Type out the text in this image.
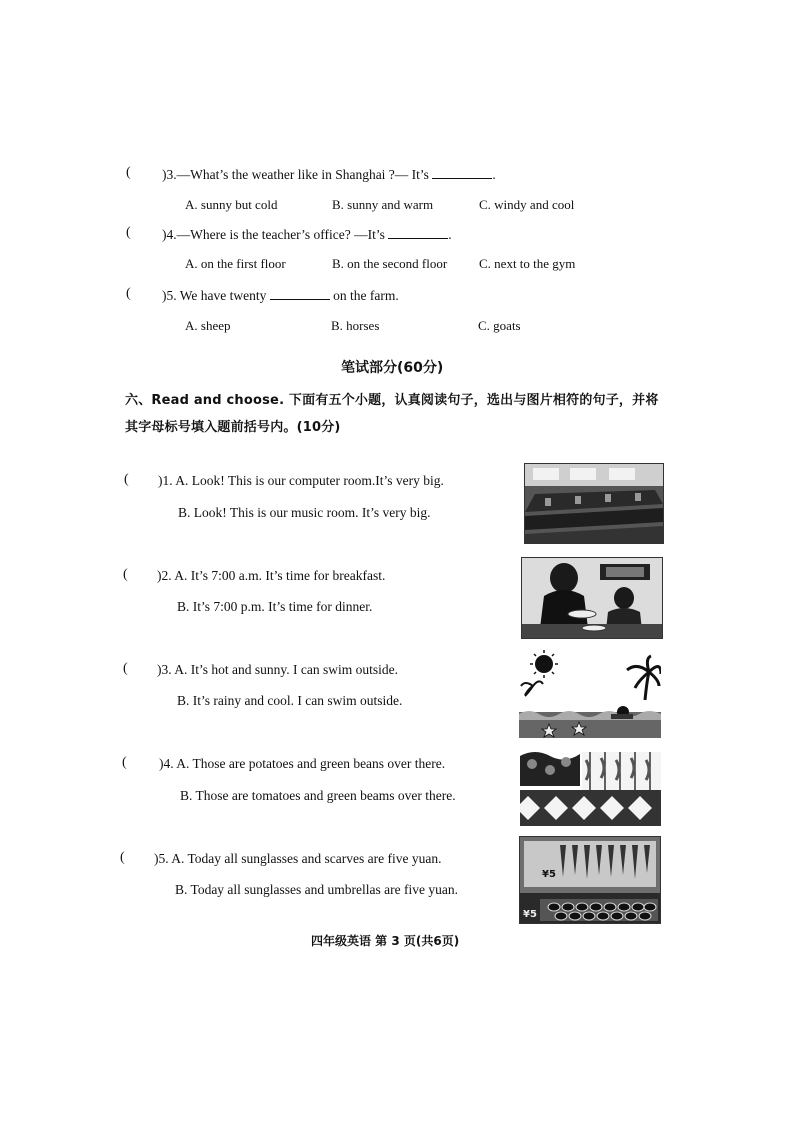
( )3.—What’s the weather like in Shanghai ?— It’s	.
A. sunny but cold	B. sunny and warm	C. windy and cool
( )4.—Where is the teacher’s office? —It’s	.
A. on the first floor	B. on the second floor C. next to the gym
( )5. We have twenty	on the farm.
A. sheep	B. horses	C. goats
笔试部分(60分)
六、Read and choose. 下面有五个小题，认真阅读句子，选出与图片相符的句子，并将
其字母标号填入题前括号内。(10分)
( )1. A. Look! This is our computer room.It’s very big.
B. Look! This is our music room. It’s very big.
( )2. A. It’s 7:00 a.m. It’s time for breakfast.
B. It’s 7:00 p.m. It’s time for dinner.
( )3. A. It’s hot and sunny. I can swim outside.
B. It’s rainy and cool. I can swim outside.
( )4. A. Those are potatoes and green beans over there.
B. Those are tomatoes and green beams over there.
( )5. A. Today all sunglasses and scarves are five yuan.
B. Today all sunglasses and umbrellas are five yuan.
¥5
¥5
四年级英语 第 3 页(共6页)
